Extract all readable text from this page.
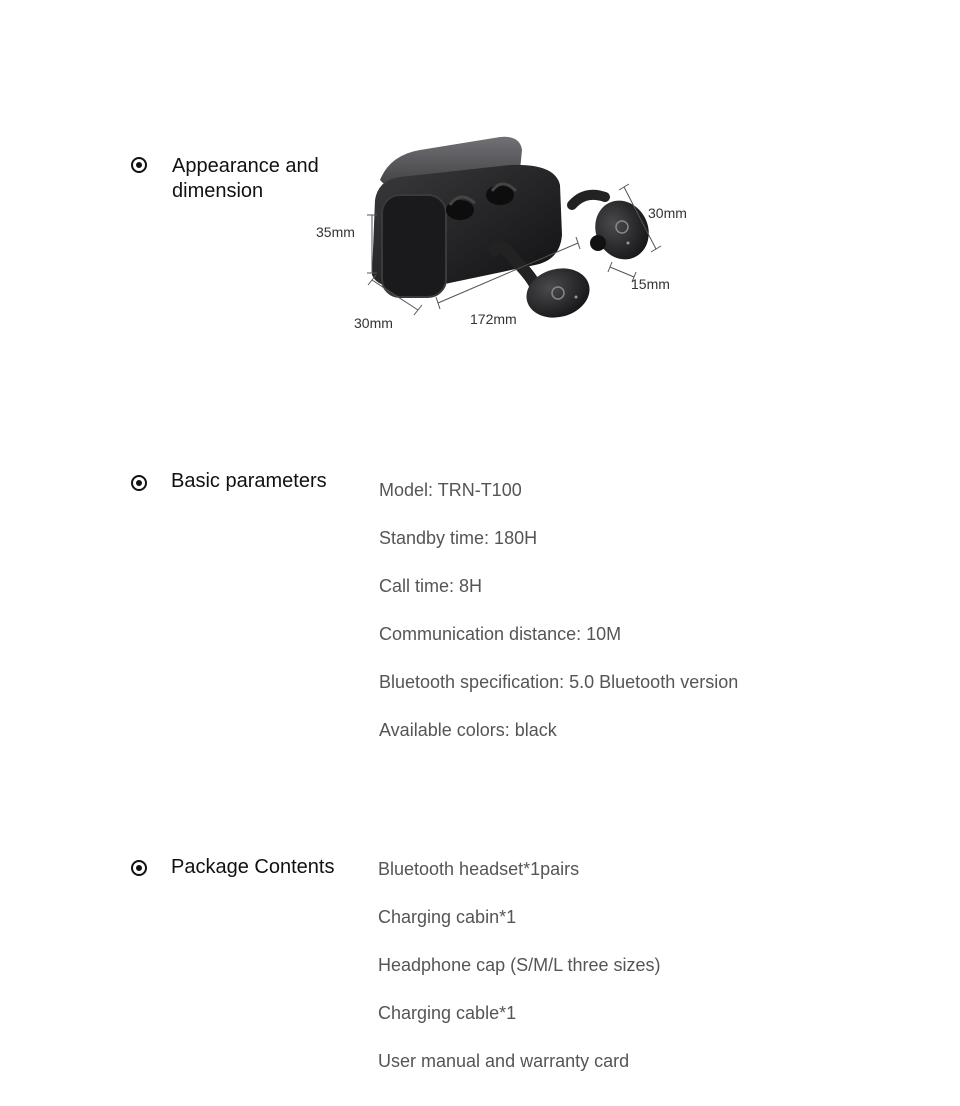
Appearance and
dimension
35mm
30mm	172mm
30mm
15mm
Basic parameters	Model: TRN-T100
Standby time: 180H
Call time: 8H
Communication distance: 10M
Bluetooth specification: 5.0 Bluetooth version
Available colors: black
Package Contents Bluetooth headset*1pairs
Charging cabin*1
Headphone cap (S/M/L three sizes)
Charging cable*1
User manual and warranty card
